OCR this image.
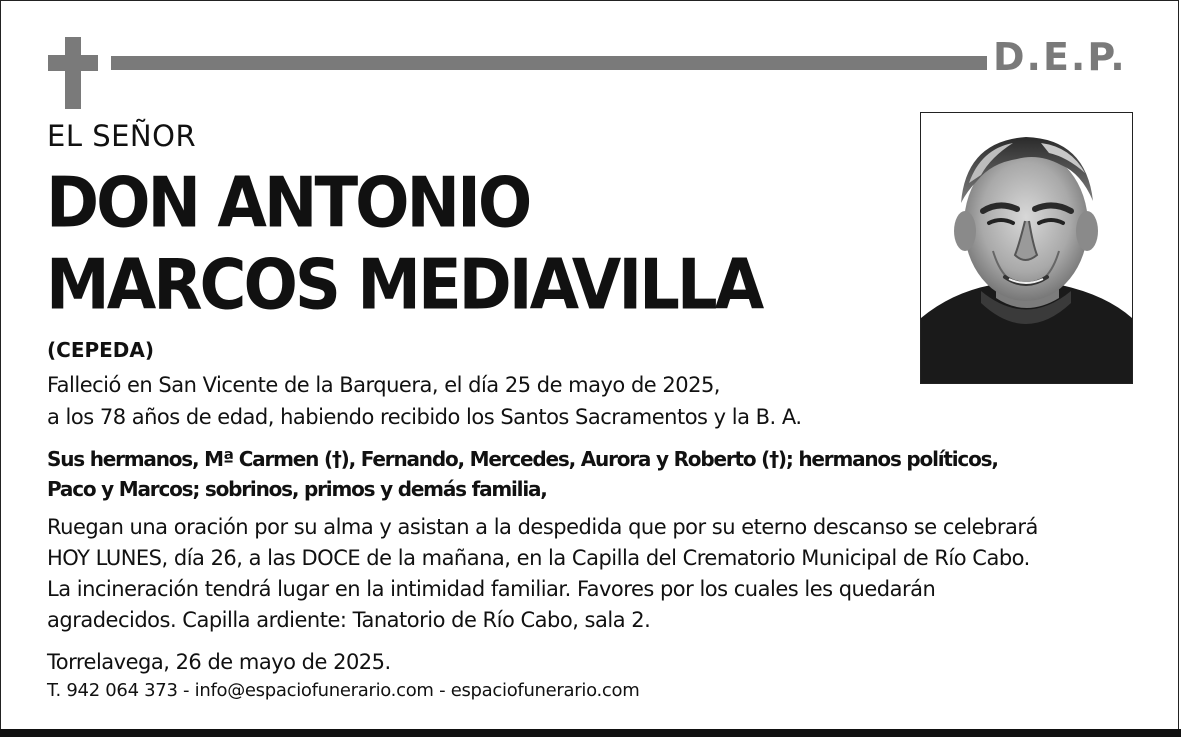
D.E.P.
EL SEÑOR
DON ANTONIO
MARCOS MEDIAVILLA
(CEPEDA)
Falleció en San Vicente de la Barquera, el día 25 de mayo de 2025,
a los 78 años de edad, habiendo recibido los Santos Sacramentos y la B. A.
Sus hermanos, Mª Carmen (†), Fernando, Mercedes, Aurora y Roberto (†); hermanos políticos,
Paco y Marcos; sobrinos, primos y demás familia,
Ruegan una oración por su alma y asistan a la despedida que por su eterno descanso se celebrará
HOY LUNES, día 26, a las DOCE de la mañana, en la Capilla del Crematorio Municipal de Río Cabo.
La incineración tendrá lugar en la intimidad familiar. Favores por los cuales les quedarán
agradecidos. Capilla ardiente: Tanatorio de Río Cabo, sala 2.
Torrelavega, 26 de mayo de 2025.
T. 942 064 373 - info@espaciofunerario.com - espaciofunerario.com
